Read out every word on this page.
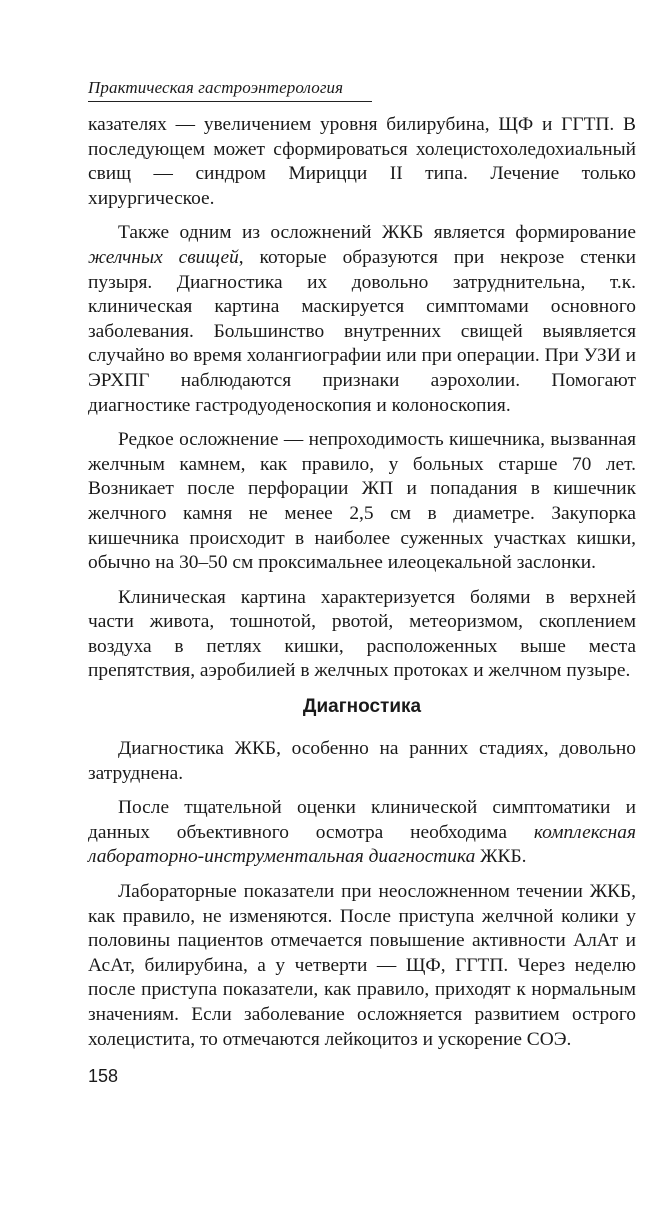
Практическая гастроэнтерология

казателях — увеличением уровня билирубина, ЩФ и ГГТП. В последующем может сформироваться холецистохоледохиальный свищ — синдром Мирицци II типа. Лечение только хирургическое.

Также одним из осложнений ЖКБ является формирование желчных свищей, которые образуются при некрозе стенки пузыря. Диагностика их довольно затруднительна, т.к. клиническая картина маскируется симптомами основного заболевания. Большинство внутренних свищей выявляется случайно во время холангиографии или при операции. При УЗИ и ЭРХПГ наблюдаются признаки аэрохолии. Помогают диагностике гастродуоденоскопия и колоноскопия.

Редкое осложнение — непроходимость кишечника, вызванная желчным камнем, как правило, у больных старше 70 лет. Возникает после перфорации ЖП и попадания в кишечник желчного камня не менее 2,5 см в диаметре. Закупорка кишечника происходит в наиболее суженных участках кишки, обычно на 30–50 см проксимальнее илеоцекальной заслонки.

Клиническая картина характеризуется болями в верхней части живота, тошнотой, рвотой, метеоризмом, скоплением воздуха в петлях кишки, расположенных выше места препятствия, аэробилией в желчных протоках и желчном пузыре.

Диагностика

Диагностика ЖКБ, особенно на ранних стадиях, довольно затруднена.

После тщательной оценки клинической симптоматики и данных объективного осмотра необходима комплексная лабораторно-инструментальная диагностика ЖКБ.

Лабораторные показатели при неосложненном течении ЖКБ, как правило, не изменяются. После приступа желчной колики у половины пациентов отмечается повышение активности АлАт и АсАт, билирубина, а у четверти — ЩФ, ГГТП. Через неделю после приступа показатели, как правило, приходят к нормальным значениям. Если заболевание осложняется развитием острого холецистита, то отмечаются лейкоцитоз и ускорение СОЭ.

158
